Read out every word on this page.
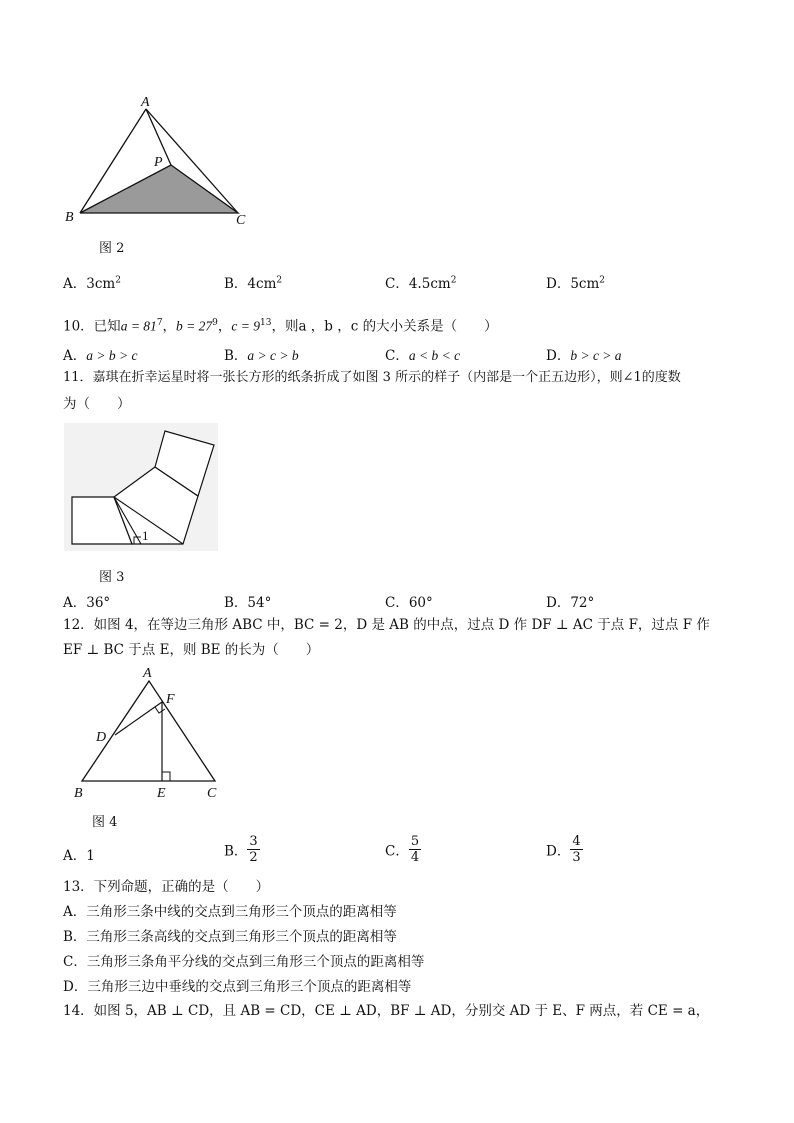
A
P
B	C
图 2
A．$3cm^2$	B．$4cm^2$	C．$4.5cm^2$	D．$5cm^2$
10．已知$a = 81^7$，$b = 27^9$，$c = 9^{13}$，则a ，b ，c 的大小关系是（　　）
A．a > b > c	B．a > c > b	C．a < b < c	D．b > c > a
11．嘉琪在折幸运星时将一张长方形的纸条折成了如图 3 所示的样子（内部是一个正五边形），则∠1的度数
为（　　）
1
图 3
A．36°	B．54°	C．60°	D．72°
12．如图 4，在等边三角形 ABC 中，BC = 2，D 是 AB 的中点，过点 D 作 DF ⊥ AC 于点 F，过点 F 作
EF ⊥ BC 于点 E，则 BE 的长为（　　）
A
F
D
B	E	C
图 4
A．1	B． $\frac{3}{2}$	C． $\frac{5}{4}$	D． $\frac{4}{3}$
13．下列命题，正确的是（　　）
A．三角形三条中线的交点到三角形三个顶点的距离相等
B．三角形三条高线的交点到三角形三个顶点的距离相等
C．三角形三条角平分线的交点到三角形三个顶点的距离相等
D．三角形三边中垂线的交点到三角形三个顶点的距离相等
14．如图 5，AB ⊥ CD，且 AB = CD，CE ⊥ AD，BF ⊥ AD，分别交 AD 于 E、F 两点，若 CE = a，
